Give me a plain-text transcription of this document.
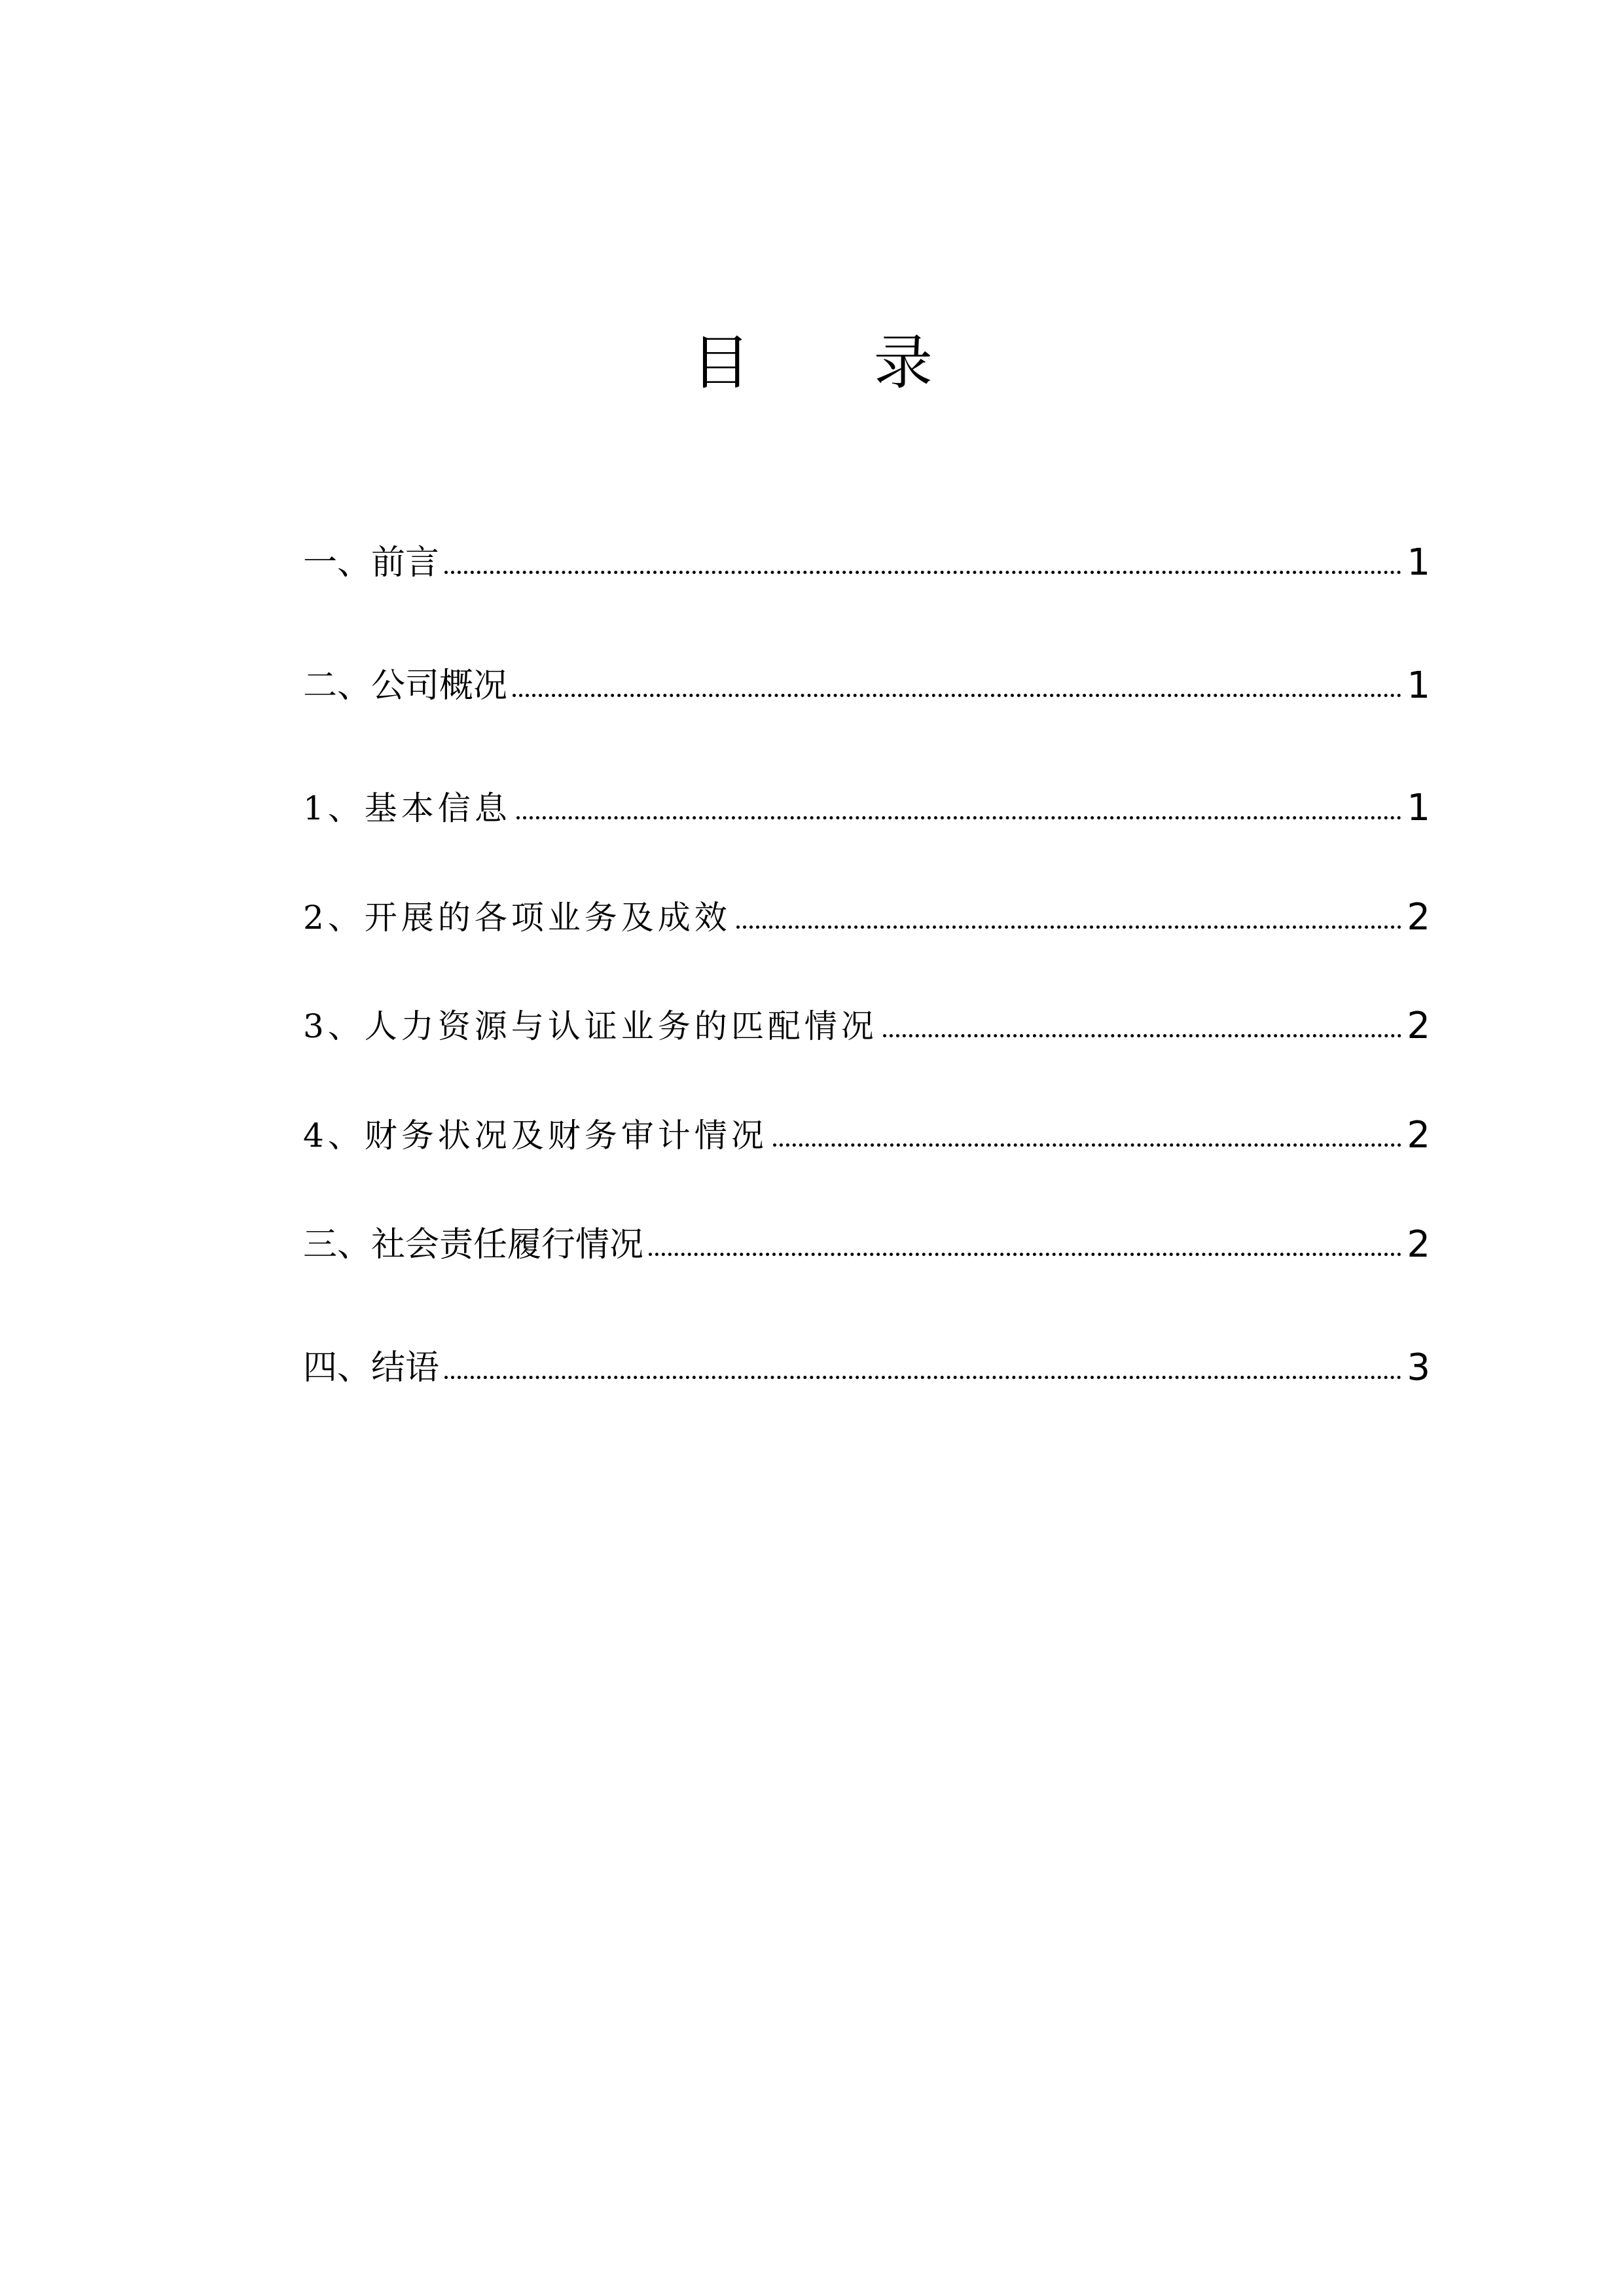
目 录
一、前言	1
二、公司概况	1
1、基本信息	1
2、开展的各项业务及成效	2
3、人力资源与认证业务的匹配情况	2
4、财务状况及财务审计情况	2
三、社会责任履行情况	2
四、结语	3
